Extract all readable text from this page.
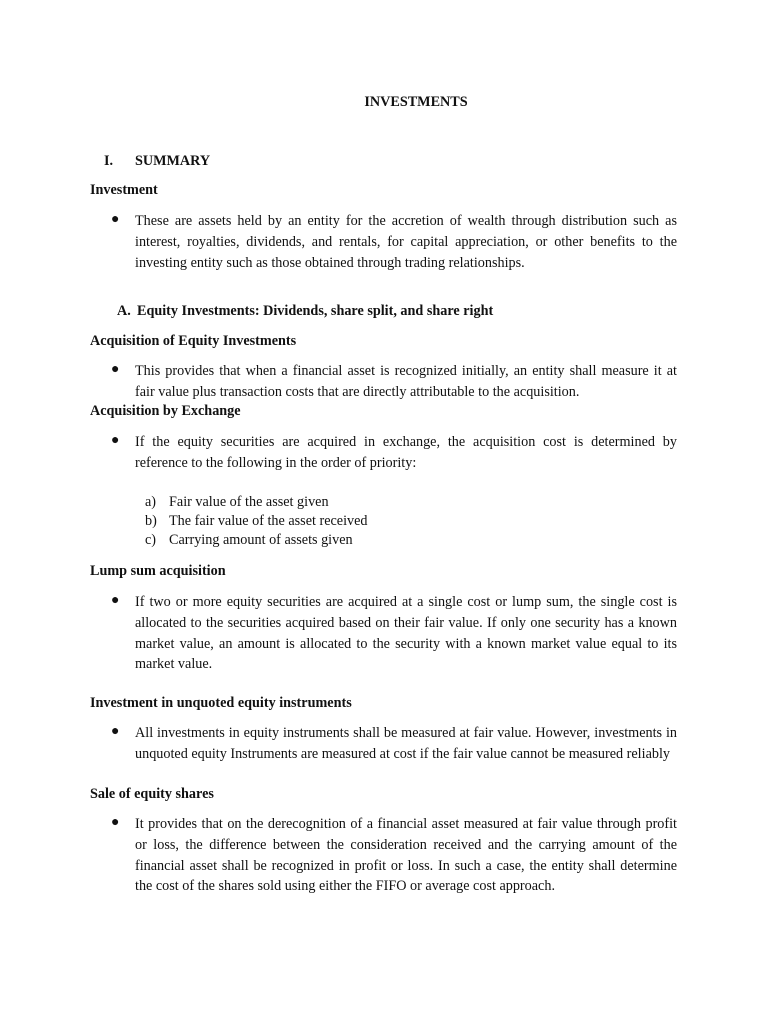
INVESTMENTS
I. SUMMARY
Investment
● These are assets held by an entity for the accretion of wealth through distribution such as interest, royalties, dividends, and rentals, for capital appreciation, or other benefits to the investing entity such as those obtained through trading relationships.
A. Equity Investments: Dividends, share split, and share right
Acquisition of Equity Investments
● This provides that when a financial asset is recognized initially, an entity shall measure it at fair value plus transaction costs that are directly attributable to the acquisition.
Acquisition by Exchange
● If the equity securities are acquired in exchange, the acquisition cost is determined by reference to the following in the order of priority:
a) Fair value of the asset given
b) The fair value of the asset received
c) Carrying amount of assets given
Lump sum acquisition
● If two or more equity securities are acquired at a single cost or lump sum, the single cost is allocated to the securities acquired based on their fair value. If only one security has a known market value, an amount is allocated to the security with a known market value equal to its market value.
Investment in unquoted equity instruments
● All investments in equity instruments shall be measured at fair value. However, investments in unquoted equity Instruments are measured at cost if the fair value cannot be measured reliably
Sale of equity shares
● It provides that on the derecognition of a financial asset measured at fair value through profit or loss, the difference between the consideration received and the carrying amount of the financial asset shall be recognized in profit or loss. In such a case, the entity shall determine the cost of the shares sold using either the FIFO or average cost approach.
